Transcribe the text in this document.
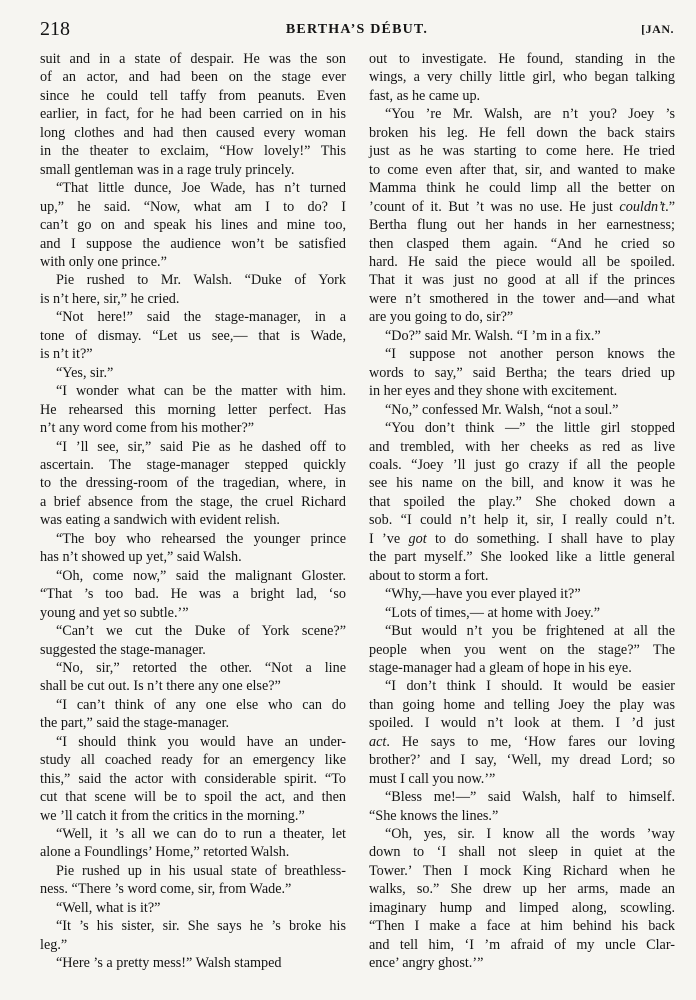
218	BERTHA’S DÉBUT.	[JAN.
suit and in a state of despair. He was the son
of an actor, and had been on the stage ever
since he could tell taffy from peanuts. Even
earlier, in fact, for he had been carried on in his
long clothes and had then caused every woman
in the theater to exclaim, “How lovely!” This
small gentleman was in a rage truly princely.
“That little dunce, Joe Wade, has n’t turned
up,” he said. “Now, what am I to do? I
can’t go on and speak his lines and mine too,
and I suppose the audience won’t be satisfied
with only one prince.”
Pie rushed to Mr. Walsh. “Duke of York
is n’t here, sir,” he cried.
“Not here!” said the stage-manager, in a
tone of dismay. “Let us see,— that is Wade,
is n’t it?”
“Yes, sir.”
“I wonder what can be the matter with him.
He rehearsed this morning letter perfect. Has
n’t any word come from his mother?”
“I ’ll see, sir,” said Pie as he dashed off to
ascertain. The stage-manager stepped quickly
to the dressing-room of the tragedian, where, in
a brief absence from the stage, the cruel Richard
was eating a sandwich with evident relish.
“The boy who rehearsed the younger prince
has n’t showed up yet,” said Walsh.
“Oh, come now,” said the malignant Gloster.
“That ’s too bad. He was a bright lad, ‘so
young and yet so subtle.’”
“Can’t we cut the Duke of York scene?”
suggested the stage-manager.
“No, sir,” retorted the other. “Not a line
shall be cut out. Is n’t there any one else?”
“I can’t think of any one else who can do
the part,” said the stage-manager.
“I should think you would have an under-
study all coached ready for an emergency like
this,” said the actor with considerable spirit. “To
cut that scene will be to spoil the act, and then
we ’ll catch it from the critics in the morning.”
“Well, it ’s all we can do to run a theater, let
alone a Foundlings’ Home,” retorted Walsh.
Pie rushed up in his usual state of breathless-
ness. “There ’s word come, sir, from Wade.”
“Well, what is it?”
“It ’s his sister, sir. She says he ’s broke his
leg.”
“Here ’s a pretty mess!” Walsh stamped
out to investigate. He found, standing in the
wings, a very chilly little girl, who began talking
fast, as he came up.
“You ’re Mr. Walsh, are n’t you? Joey ’s
broken his leg. He fell down the back stairs
just as he was starting to come here. He tried
to come even after that, sir, and wanted to make
Mamma think he could limp all the better on
’count of it. But ’t was no use. He just couldn’t.”
Bertha flung out her hands in her earnestness;
then clasped them again. “And he cried so
hard. He said the piece would all be spoiled.
That it was just no good at all if the princes
were n’t smothered in the tower and—and what
are you going to do, sir?”
“Do?” said Mr. Walsh. “I ’m in a fix.”
“I suppose not another person knows the
words to say,” said Bertha; the tears dried up
in her eyes and they shone with excitement.
“No,” confessed Mr. Walsh, “not a soul.”
“You don’t think —” the little girl stopped
and trembled, with her cheeks as red as live
coals. “Joey ’ll just go crazy if all the people
see his name on the bill, and know it was he
that spoiled the play.” She choked down a
sob. “I could n’t help it, sir, I really could n’t.
I ’ve got to do something. I shall have to play
the part myself.” She looked like a little general
about to storm a fort.
“Why,—have you ever played it?”
“Lots of times,— at home with Joey.”
“But would n’t you be frightened at all the
people when you went on the stage?” The
stage-manager had a gleam of hope in his eye.
“I don’t think I should. It would be easier
than going home and telling Joey the play was
spoiled. I would n’t look at them. I ’d just
act. He says to me, ‘How fares our loving
brother?’ and I say, ‘Well, my dread Lord; so
must I call you now.’”
“Bless me!—” said Walsh, half to himself.
“She knows the lines.”
“Oh, yes, sir. I know all the words ’way
down to ‘I shall not sleep in quiet at the
Tower.’ Then I mock King Richard when he
walks, so.” She drew up her arms, made an
imaginary hump and limped along, scowling.
“Then I make a face at him behind his back
and tell him, ‘I ’m afraid of my uncle Clar-
ence’ angry ghost.’”
